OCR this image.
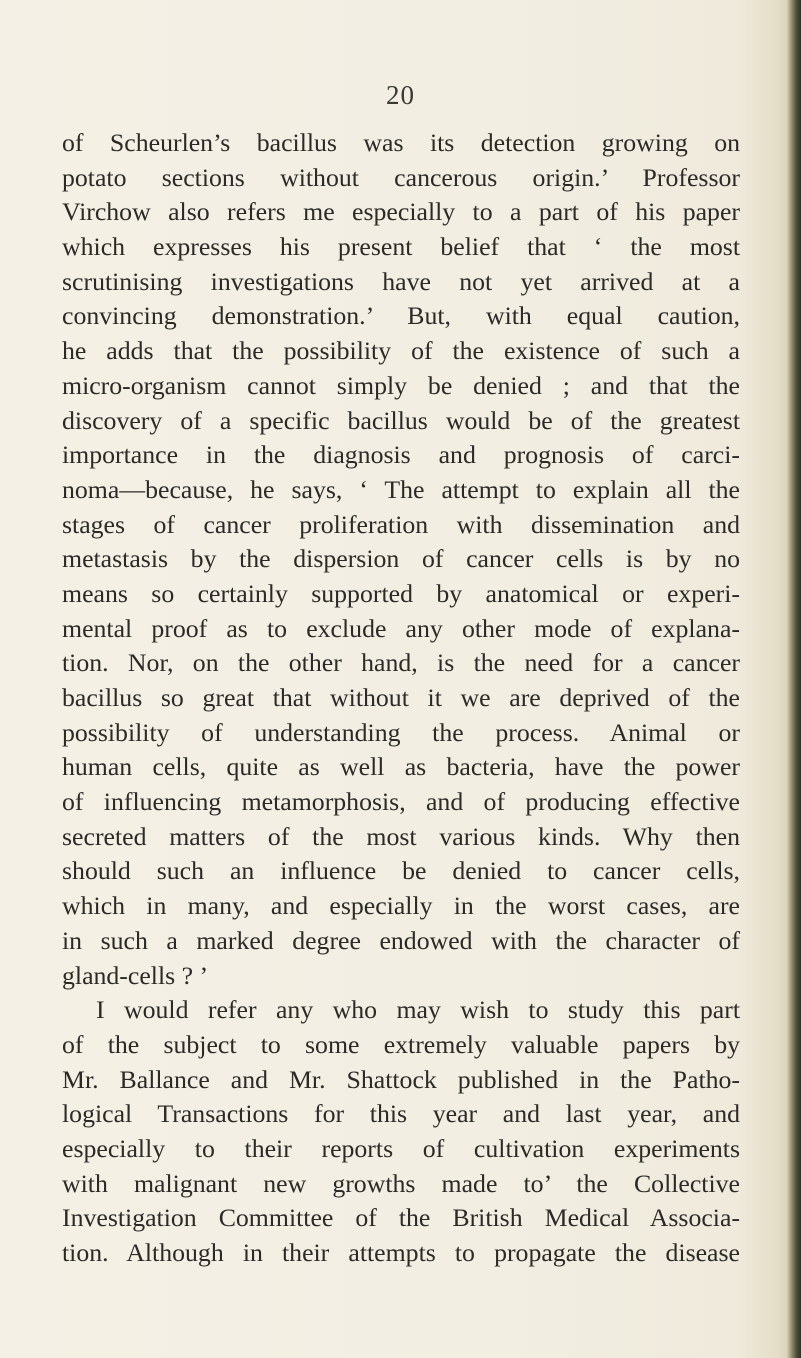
20
of Scheurlen’s bacillus was its detection growing on
potato sections without cancerous origin.’ Professor
Virchow also refers me especially to a part of his paper
which expresses his present belief that ‘ the most
scrutinising investigations have not yet arrived at a
convincing demonstration.’ But, with equal caution,
he adds that the possibility of the existence of such a
micro-organism cannot simply be denied ; and that the
discovery of a specific bacillus would be of the greatest
importance in the diagnosis and prognosis of carci-
noma—because, he says, ‘ The attempt to explain all the
stages of cancer proliferation with dissemination and
metastasis by the dispersion of cancer cells is by no
means so certainly supported by anatomical or experi-
mental proof as to exclude any other mode of explana-
tion. Nor, on the other hand, is the need for a cancer
bacillus so great that without it we are deprived of the
possibility of understanding the process. Animal or
human cells, quite as well as bacteria, have the power
of influencing metamorphosis, and of producing effective
secreted matters of the most various kinds. Why then
should such an influence be denied to cancer cells,
which in many, and especially in the worst cases, are
in such a marked degree endowed with the character of
gland-cells ? ’
I would refer any who may wish to study this part
of the subject to some extremely valuable papers by
Mr. Ballance and Mr. Shattock published in the Patho-
logical Transactions for this year and last year, and
especially to their reports of cultivation experiments
with malignant new growths made to’ the Collective
Investigation Committee of the British Medical Associa-
tion. Although in their attempts to propagate the disease
